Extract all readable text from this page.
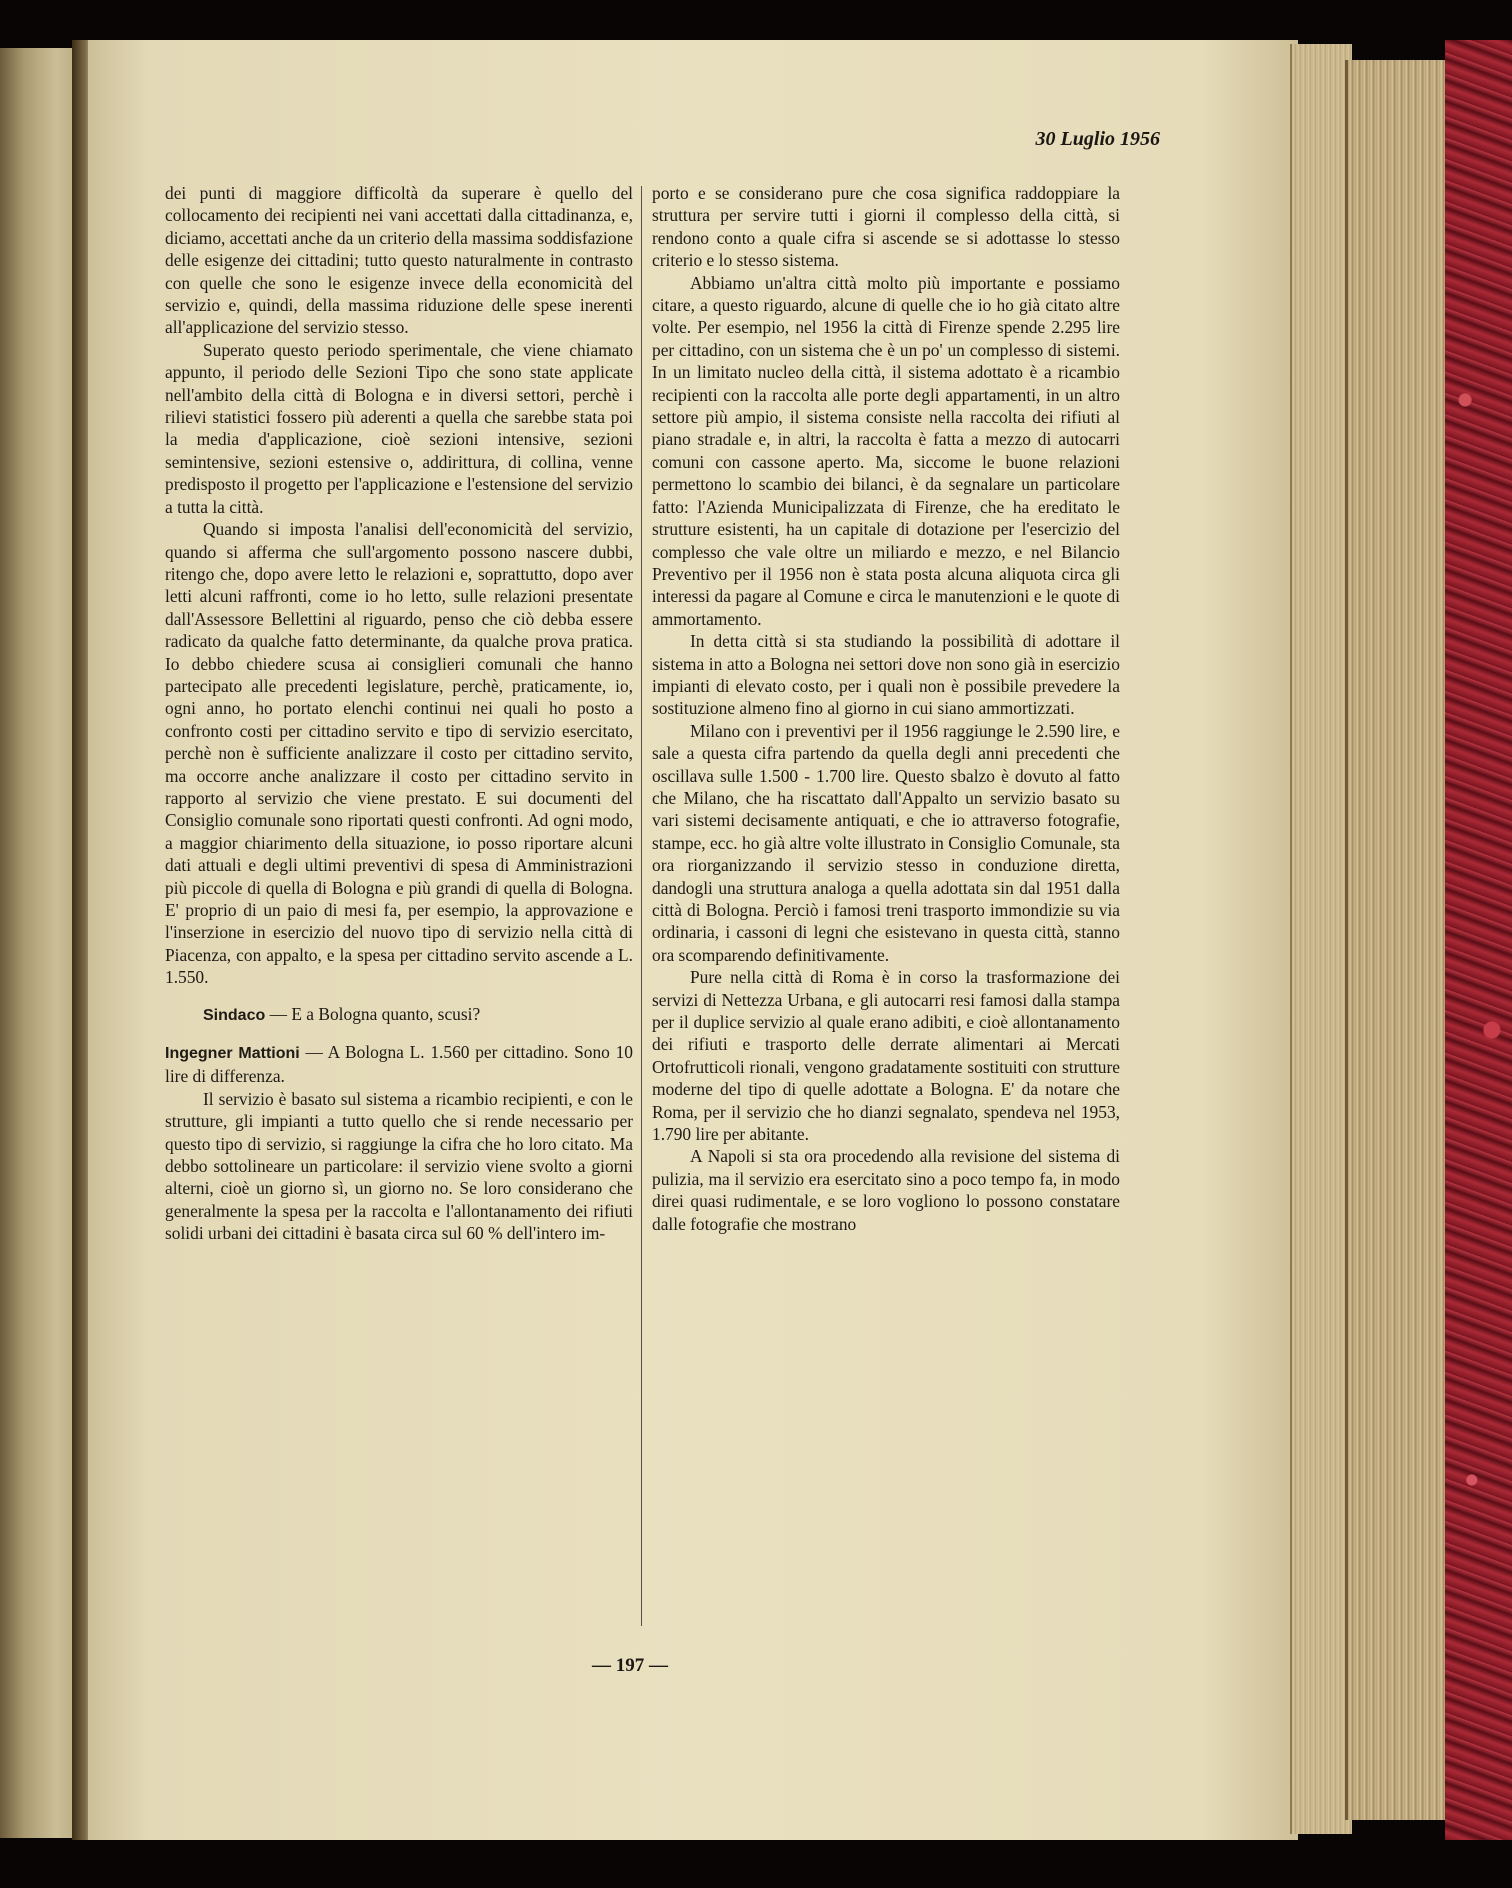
30 Luglio 1956

dei punti di maggiore difficoltà da superare è quello del collocamento dei recipienti nei vani accettati dalla cittadinanza, e, diciamo, accettati anche da un criterio della massima soddisfazione delle esigenze dei cittadini; tutto questo naturalmente in contrasto con quelle che sono le esigenze invece della economicità del servizio e, quindi, della massima riduzione delle spese inerenti all'applicazione del servizio stesso.

Superato questo periodo sperimentale, che viene chiamato appunto, il periodo delle Sezioni Tipo che sono state applicate nell'ambito della città di Bologna e in diversi settori, perchè i rilievi statistici fossero più aderenti a quella che sarebbe stata poi la media d'applicazione, cioè sezioni intensive, sezioni semintensive, sezioni estensive o, addirittura, di collina, venne predisposto il progetto per l'applicazione e l'estensione del servizio a tutta la città.

Quando si imposta l'analisi dell'economicità del servizio, quando si afferma che sull'argomento possono nascere dubbi, ritengo che, dopo avere letto le relazioni e, soprattutto, dopo aver letti alcuni raffronti, come io ho letto, sulle relazioni presentate dall'Assessore Bellettini al riguardo, penso che ciò debba essere radicato da qualche fatto determinante, da qualche prova pratica. Io debbo chiedere scusa ai consiglieri comunali che hanno partecipato alle precedenti legislature, perchè, praticamente, io, ogni anno, ho portato elenchi continui nei quali ho posto a confronto costi per cittadino servito e tipo di servizio esercitato, perchè non è sufficiente analizzare il costo per cittadino servito, ma occorre anche analizzare il costo per cittadino servito in rapporto al servizio che viene prestato. E sui documenti del Consiglio comunale sono riportati questi confronti. Ad ogni modo, a maggior chiarimento della situazione, io posso riportare alcuni dati attuali e degli ultimi preventivi di spesa di Amministrazioni più piccole di quella di Bologna e più grandi di quella di Bologna. E' proprio di un paio di mesi fa, per esempio, la approvazione e l'inserzione in esercizio del nuovo tipo di servizio nella città di Piacenza, con appalto, e la spesa per cittadino servito ascende a L. 1.550.

Sindaco — E a Bologna quanto, scusi?

Ingegner Mattioni — A Bologna L. 1.560 per cittadino. Sono 10 lire di differenza.

Il servizio è basato sul sistema a ricambio recipienti, e con le strutture, gli impianti a tutto quello che si rende necessario per questo tipo di servizio, si raggiunge la cifra che ho loro citato. Ma debbo sottolineare un particolare: il servizio viene svolto a giorni alterni, cioè un giorno sì, un giorno no. Se loro considerano che generalmente la spesa per la raccolta e l'allontanamento dei rifiuti solidi urbani dei cittadini è basata circa sul 60 % dell'intero im-

porto e se considerano pure che cosa significa raddoppiare la struttura per servire tutti i giorni il complesso della città, si rendono conto a quale cifra si ascende se si adottasse lo stesso criterio e lo stesso sistema.

Abbiamo un'altra città molto più importante e possiamo citare, a questo riguardo, alcune di quelle che io ho già citato altre volte. Per esempio, nel 1956 la città di Firenze spende 2.295 lire per cittadino, con un sistema che è un po' un complesso di sistemi. In un limitato nucleo della città, il sistema adottato è a ricambio recipienti con la raccolta alle porte degli appartamenti, in un altro settore più ampio, il sistema consiste nella raccolta dei rifiuti al piano stradale e, in altri, la raccolta è fatta a mezzo di autocarri comuni con cassone aperto. Ma, siccome le buone relazioni permettono lo scambio dei bilanci, è da segnalare un particolare fatto: l'Azienda Municipalizzata di Firenze, che ha ereditato le strutture esistenti, ha un capitale di dotazione per l'esercizio del complesso che vale oltre un miliardo e mezzo, e nel Bilancio Preventivo per il 1956 non è stata posta alcuna aliquota circa gli interessi da pagare al Comune e circa le manutenzioni e le quote di ammortamento.

In detta città si sta studiando la possibilità di adottare il sistema in atto a Bologna nei settori dove non sono già in esercizio impianti di elevato costo, per i quali non è possibile prevedere la sostituzione almeno fino al giorno in cui siano ammortizzati.

Milano con i preventivi per il 1956 raggiunge le 2.590 lire, e sale a questa cifra partendo da quella degli anni precedenti che oscillava sulle 1.500 - 1.700 lire. Questo sbalzo è dovuto al fatto che Milano, che ha riscattato dall'Appalto un servizio basato su vari sistemi decisamente antiquati, e che io attraverso fotografie, stampe, ecc. ho già altre volte illustrato in Consiglio Comunale, sta ora riorganizzando il servizio stesso in conduzione diretta, dandogli una struttura analoga a quella adottata sin dal 1951 dalla città di Bologna. Perciò i famosi treni trasporto immondizie su via ordinaria, i cassoni di legni che esistevano in questa città, stanno ora scomparendo definitivamente.

Pure nella città di Roma è in corso la trasformazione dei servizi di Nettezza Urbana, e gli autocarri resi famosi dalla stampa per il duplice servizio al quale erano adibiti, e cioè allontanamento dei rifiuti e trasporto delle derrate alimentari ai Mercati Ortofrutticoli rionali, vengono gradatamente sostituiti con strutture moderne del tipo di quelle adottate a Bologna. E' da notare che Roma, per il servizio che ho dianzi segnalato, spendeva nel 1953, 1.790 lire per abitante.

A Napoli si sta ora procedendo alla revisione del sistema di pulizia, ma il servizio era esercitato sino a poco tempo fa, in modo direi quasi rudimentale, e se loro vogliono lo possono constatare dalle fotografie che mostrano

— 197 —
